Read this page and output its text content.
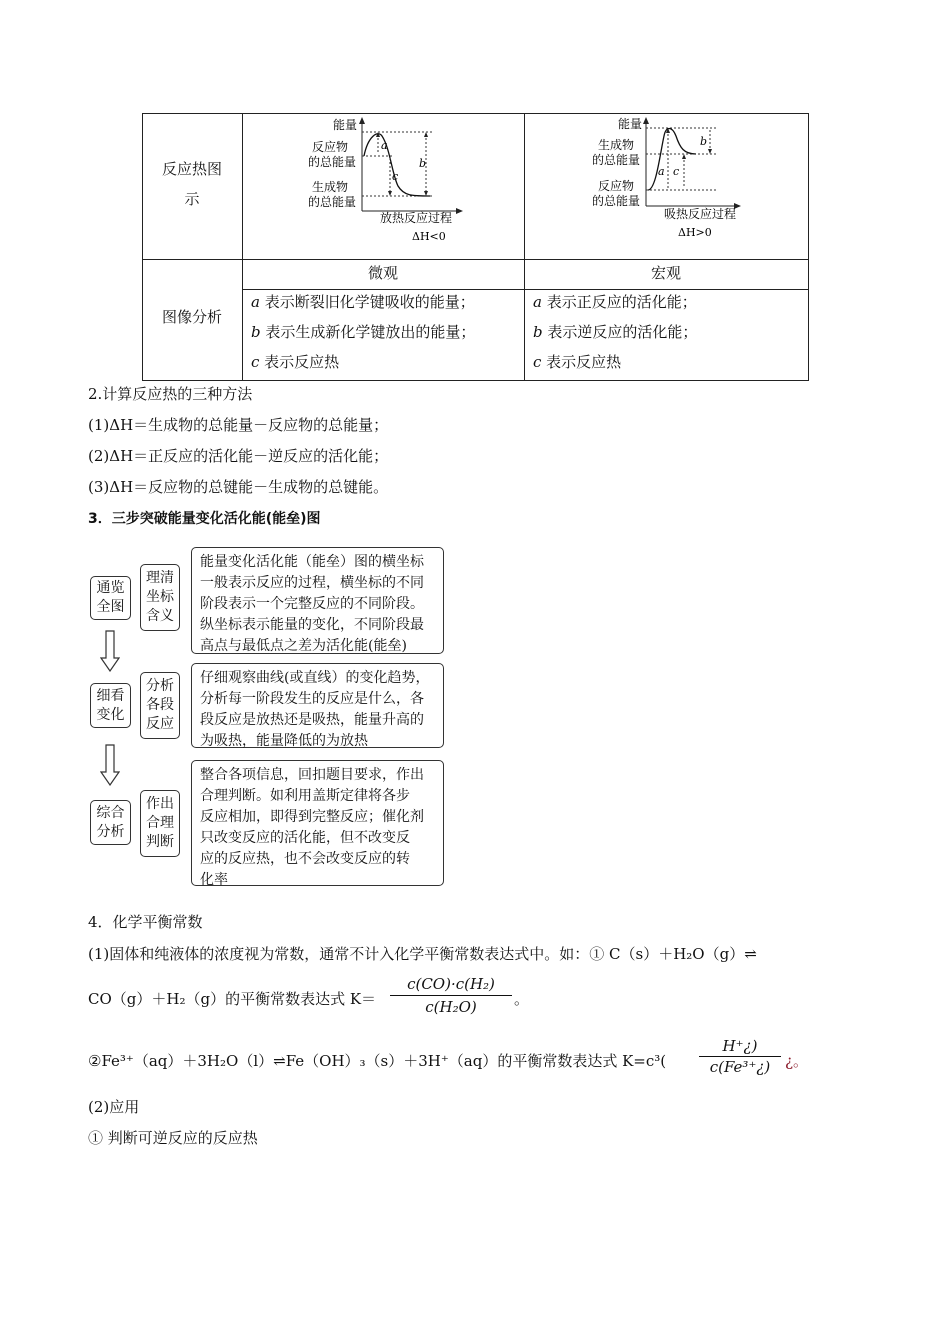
反应热图
示
图像分析
微观	宏观
a 表示断裂旧化学键吸收的能量；
b 表示生成新化学键放出的能量；
c 表示反应热
a 表示正反应的活化能；
b 表示逆反应的活化能；
c 表示反应热
能量
反应物
的总能量
生成物
的总能量
a
b
c
放热反应过程
ΔH<0
能量
生成物
的总能量
反应物
的总能量
a
b
c
吸热反应过程
ΔH>0
2.计算反应热的三种方法
(1)ΔH＝生成物的总能量－反应物的总能量；
(2)ΔH＝正反应的活化能－逆反应的活化能；
(3)ΔH＝反应物的总键能－生成物的总键能。
3．三步突破能量变化活化能(能垒)图
通览
全图
理清
坐标
含义
能量变化活化能（能垒）图的横坐标
一般表示反应的过程，横坐标的不同
阶段表示一个完整反应的不同阶段。
纵坐标表示能量的变化，不同阶段最
高点与最低点之差为活化能(能垒)
细看
变化
分析
各段
反应
仔细观察曲线(或直线）的变化趋势，
分析每一阶段发生的反应是什么，各
段反应是放热还是吸热，能量升高的
为吸热，能量降低的为放热
综合
分析
作出
合理
判断
整合各项信息，回扣题目要求，作出
合理判断。如利用盖斯定律将各步
反应相加，即得到完整反应；催化剂
只改变反应的活化能，但不改变反
应的反应热，也不会改变反应的转
化率
4．化学平衡常数
(1)固体和纯液体的浓度视为常数，通常不计入化学平衡常数表达式中。如：① C（s）＋H₂O（g）⇌
CO（g）＋H₂（g）的平衡常数表达式 K＝
c(CO)·c(H₂)
c(H₂O)	。
②Fe³⁺（aq）＋3H₂O（l）⇌Fe（OH）₃（s）＋3H⁺（aq）的平衡常数表达式 K=c³(
H⁺¿)
c(Fe³⁺¿) ¿。
(2)应用
① 判断可逆反应的反应热
